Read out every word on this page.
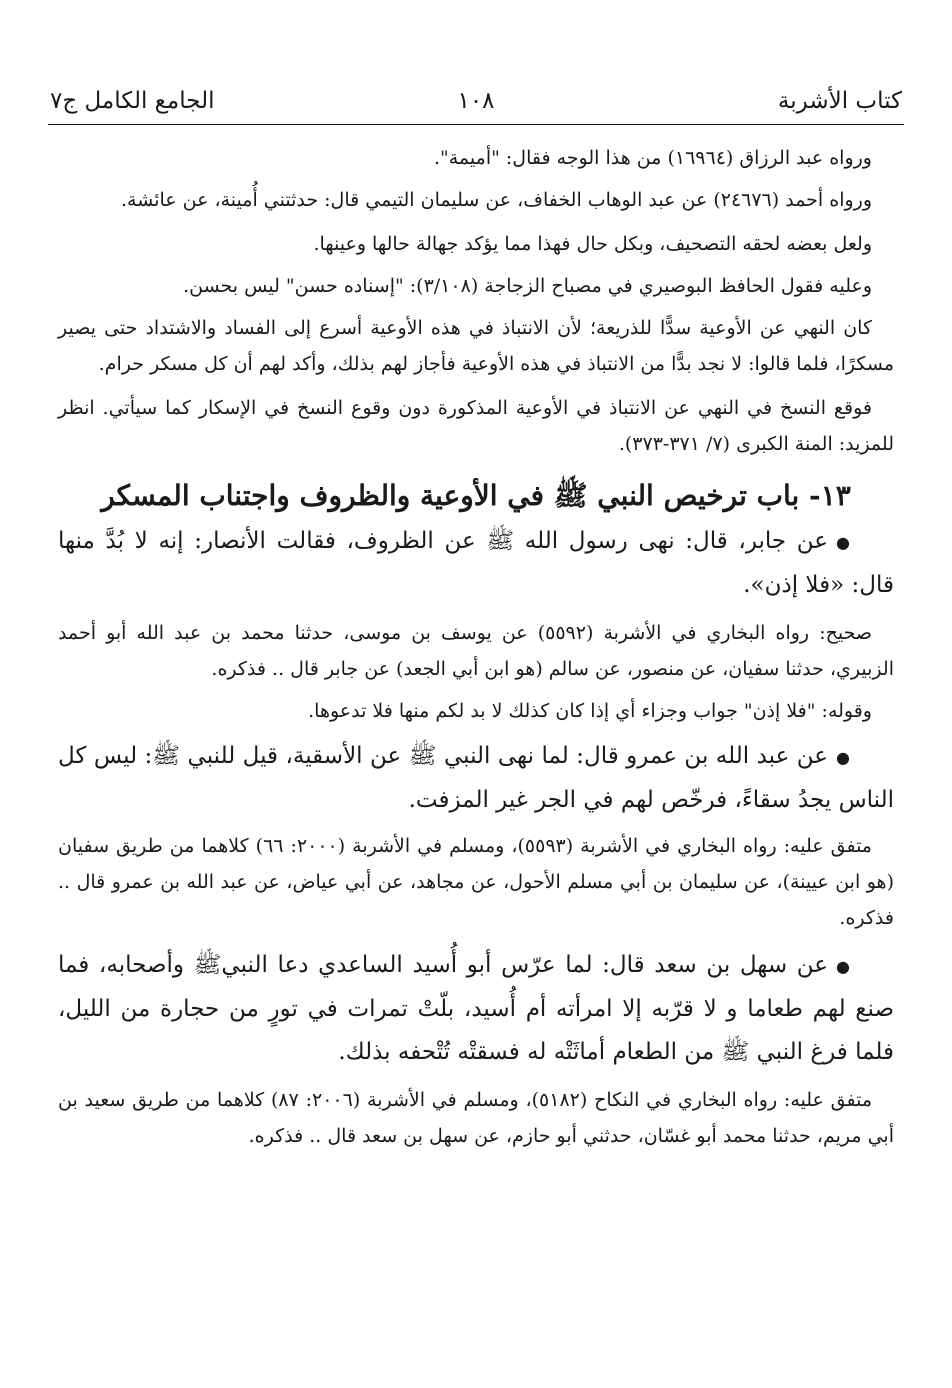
كتاب الأشربة
١٠٨
الجامع الكامل ج٧

ورواه عبد الرزاق (١٦٩٦٤) من هذا الوجه فقال: "أميمة".

ورواه أحمد (٢٤٦٧٦) عن عبد الوهاب الخفاف، عن سليمان التيمي قال: حدثتني أُمينة، عن عائشة.

ولعل بعضه لحقه التصحيف، وبكل حال فهذا مما يؤكد جهالة حالها وعينها.

وعليه فقول الحافظ البوصيري في مصباح الزجاجة (٣/١٠٨): "إسناده حسن" ليس بحسن.

كان النهي عن الأوعية سدًّا للذريعة؛ لأن الانتباذ في هذه الأوعية أسرع إلى الفساد والاشتداد حتى يصير مسكرًا، فلما قالوا: لا نجد بدًّا من الانتباذ في هذه الأوعية فأجاز لهم بذلك، وأكد لهم أن كل مسكر حرام.

فوقع النسخ في النهي عن الانتباذ في الأوعية المذكورة دون وقوع النسخ في الإسكار كما سيأتي. انظر للمزيد: المنة الكبرى (٧/ ٣٧١-٣٧٣).

١٣- باب ترخيص النبي ﷺ في الأوعية والظروف واجتناب المسكر

●عن جابر، قال: نهى رسول الله ﷺ عن الظروف، فقالت الأنصار: إنه لا بُدَّ منها قال: «فلا إذن».

صحيح: رواه البخاري في الأشربة (٥٥٩٢) عن يوسف بن موسى، حدثنا محمد بن عبد الله أبو أحمد الزبيري، حدثنا سفيان، عن منصور، عن سالم (هو ابن أبي الجعد) عن جابر قال .. فذكره.

وقوله: "فلا إذن" جواب وجزاء أي إذا كان كذلك لا بد لكم منها فلا تدعوها.

●عن عبد الله بن عمرو قال: لما نهى النبي ﷺ عن الأسقية، قيل للنبي ﷺ: ليس كل الناس يجدُ سقاءً، فرخّص لهم في الجر غير المزفت.

متفق عليه: رواه البخاري في الأشربة (٥٥٩٣)، ومسلم في الأشربة (٢٠٠٠: ٦٦) كلاهما من طريق سفيان (هو ابن عيينة)، عن سليمان بن أبي مسلم الأحول، عن مجاهد، عن أبي عياض، عن عبد الله بن عمرو قال .. فذكره.

●عن سهل بن سعد قال: لما عرّس أبو أُسيد الساعدي دعا النبيﷺ وأصحابه، فما صنع لهم طعاما و لا قرّبه إلا امرأته أم أُسيد، بلّتْ تمرات في تورٍ من حجارة من الليل، فلما فرغ النبي ﷺ من الطعام أماثَتْه له فسقتْه تُتْحفه بذلك.

متفق عليه: رواه البخاري في النكاح (٥١٨٢)، ومسلم في الأشربة (٢٠٠٦: ٨٧) كلاهما من طريق سعيد بن أبي مريم، حدثنا محمد أبو غسّان، حدثني أبو حازم، عن سهل بن سعد قال .. فذكره.
